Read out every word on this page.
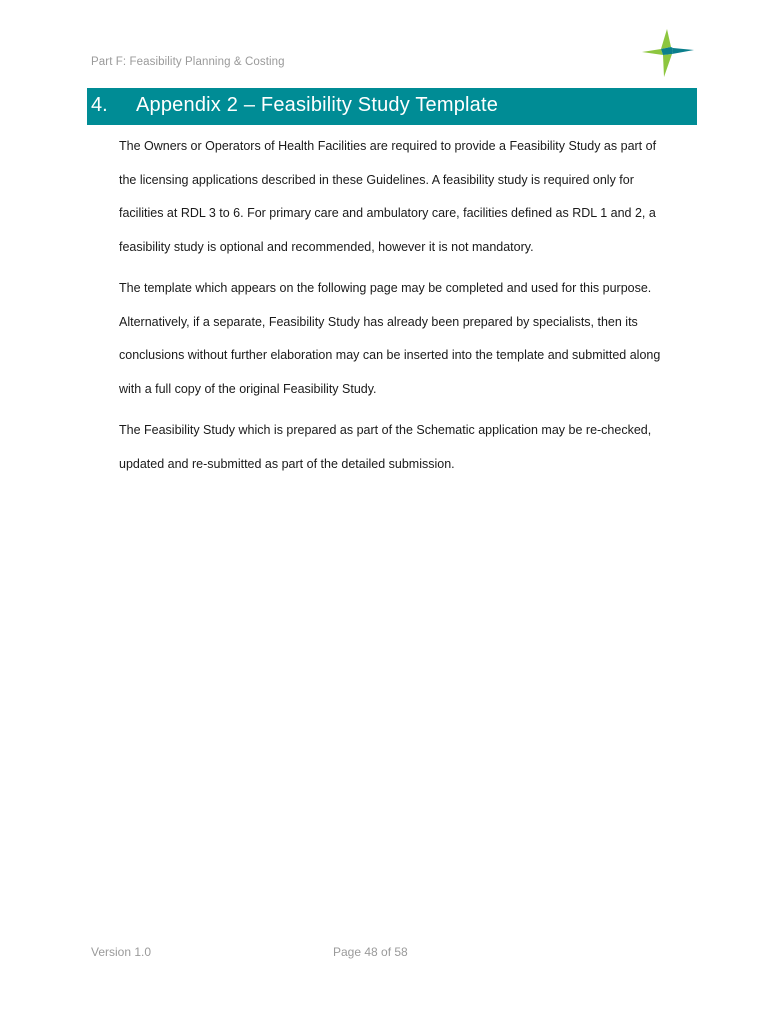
Part F: Feasibility Planning & Costing
4. Appendix 2 – Feasibility Study Template

The Owners or Operators of Health Facilities are required to provide a Feasibility Study as part of
the licensing applications described in these Guidelines. A feasibility study is required only for
facilities at RDL 3 to 6. For primary care and ambulatory care, facilities defined as RDL 1 and 2, a
feasibility study is optional and recommended, however it is not mandatory.

The template which appears on the following page may be completed and used for this purpose.
Alternatively, if a separate, Feasibility Study has already been prepared by specialists, then its
conclusions without further elaboration may can be inserted into the template and submitted along
with a full copy of the original Feasibility Study.

The Feasibility Study which is prepared as part of the Schematic application may be re-checked,
updated and re-submitted as part of the detailed submission.

Version 1.0	Page 48 of 58
